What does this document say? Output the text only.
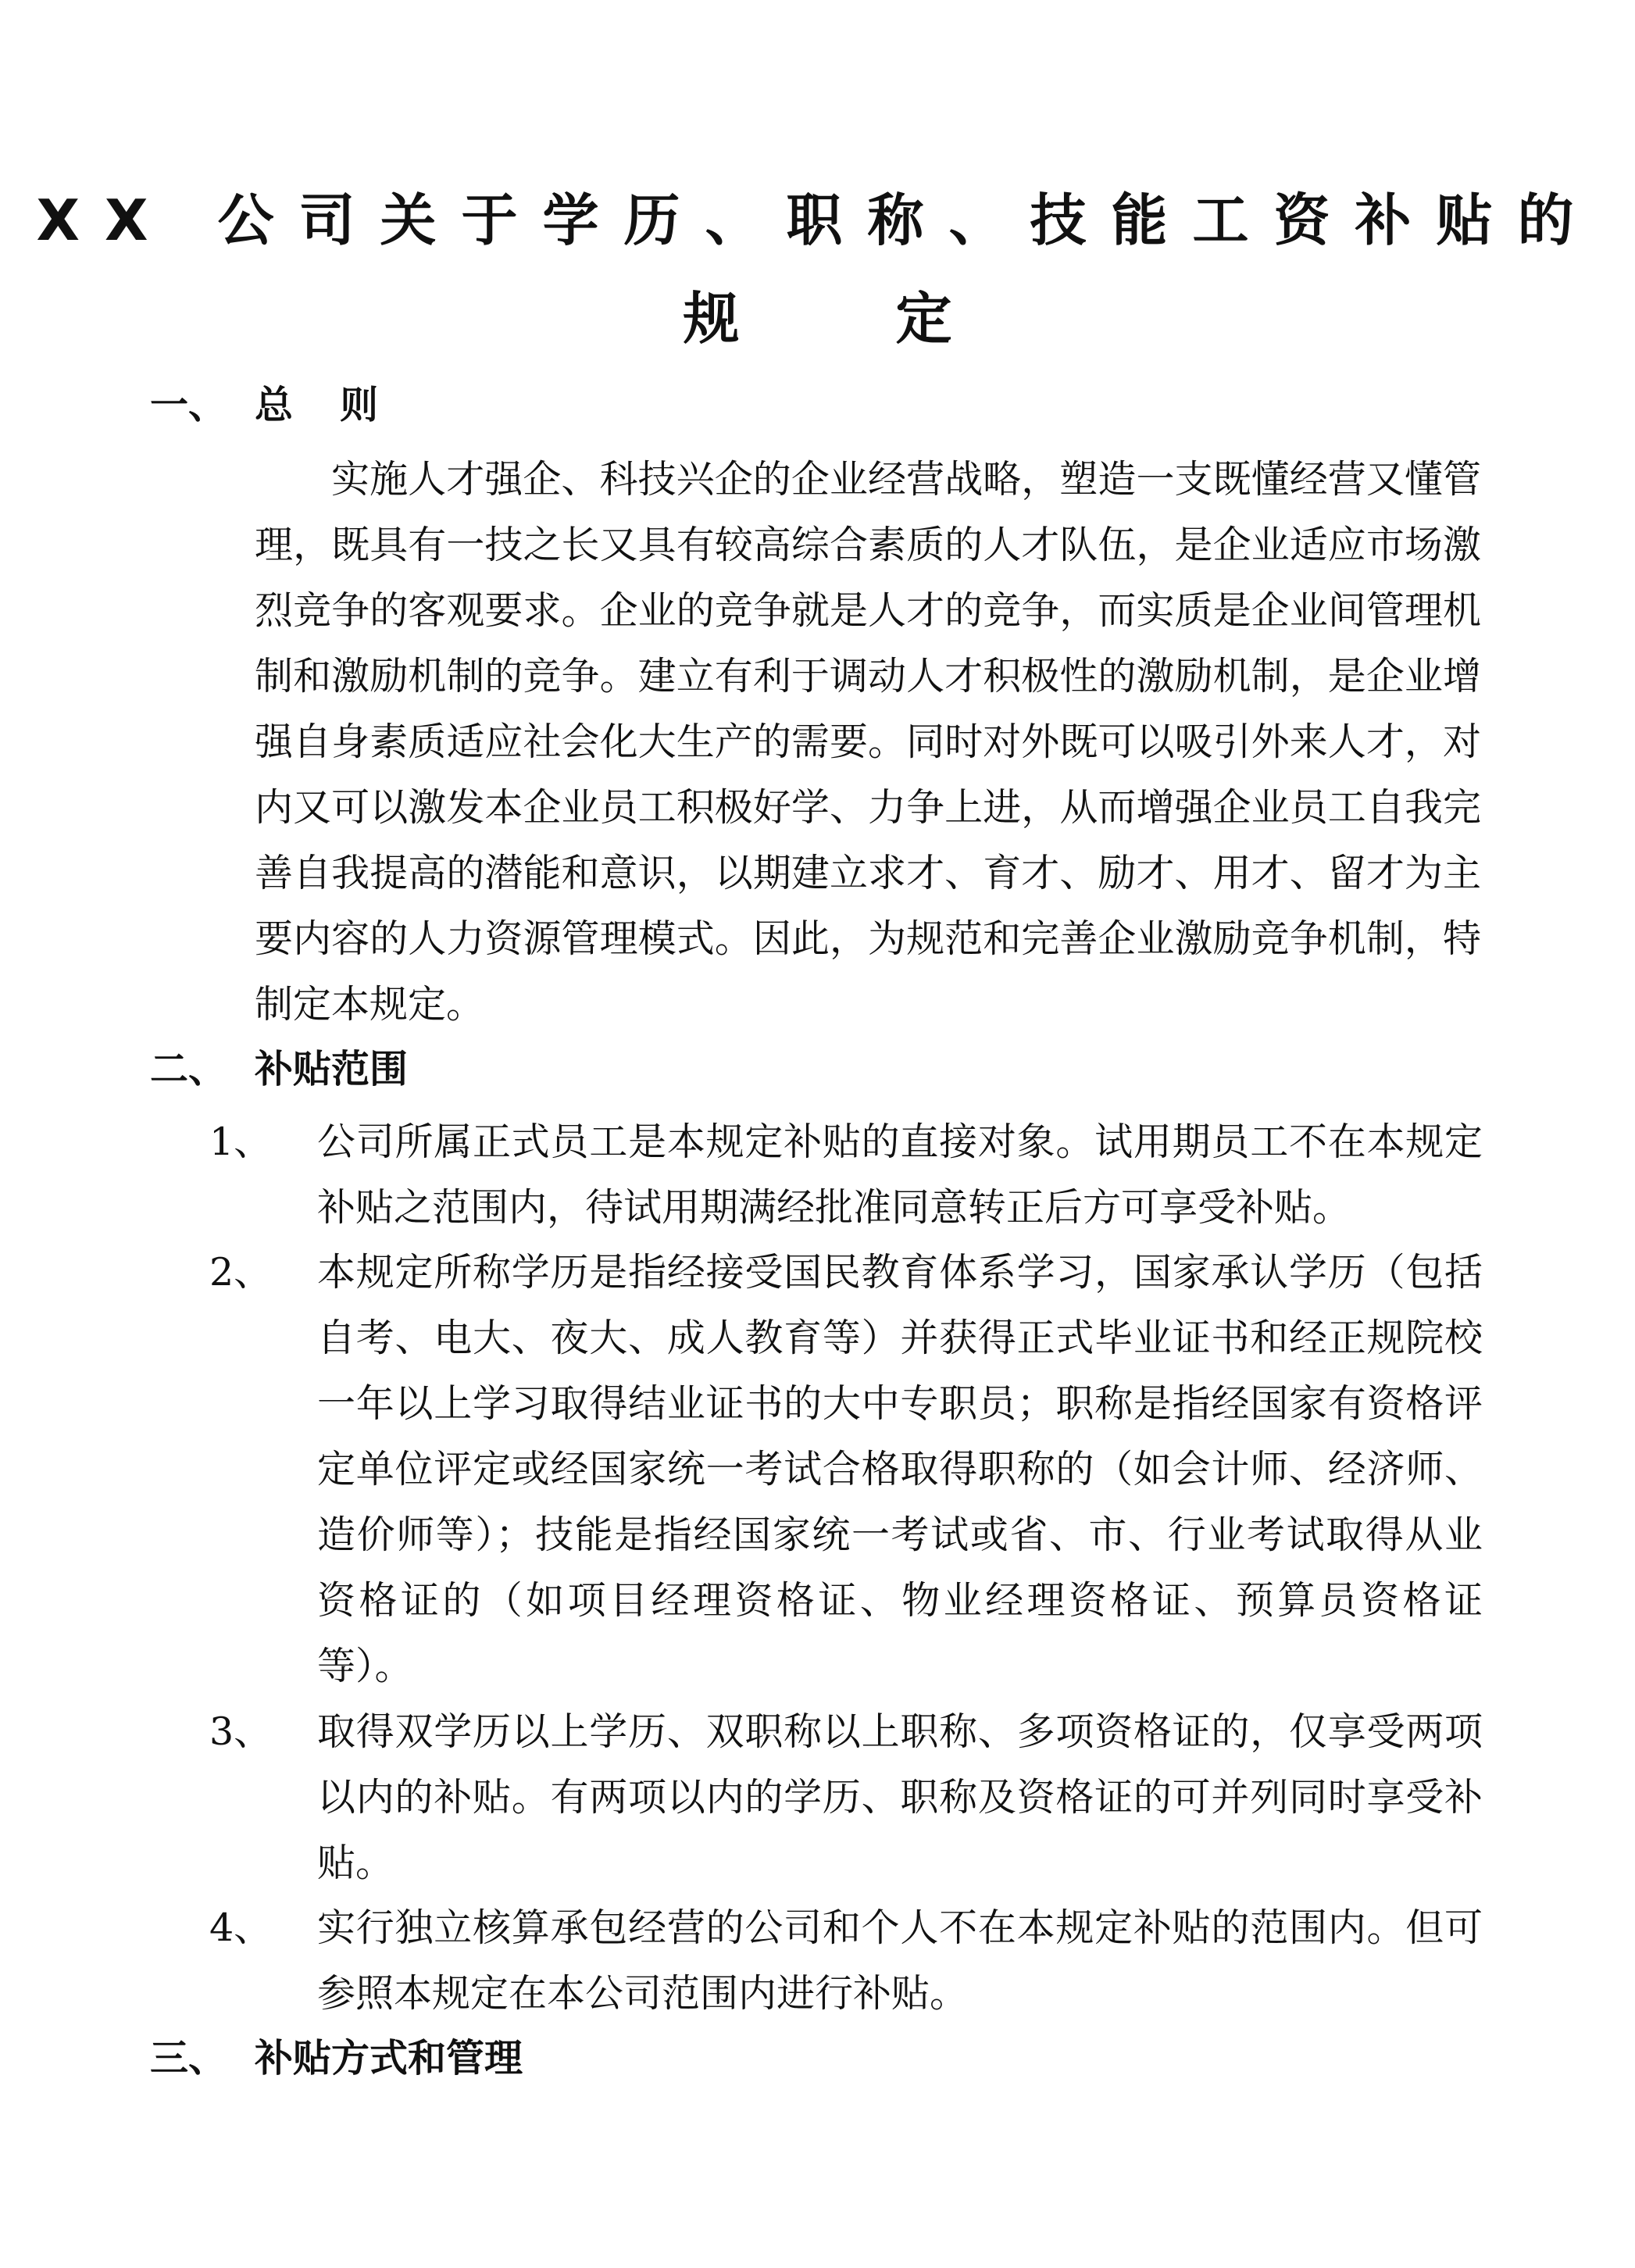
XX 公司关于学历、职称、技能工资补贴的
规	定
一、 总则
实施人才强企、科技兴企的企业经营战略，塑造一支既懂经营又懂管理，既具有一技之长又具有较高综合素质的人才队伍，是企业适应市场激烈竞争的客观要求。企业的竞争就是人才的竞争，而实质是企业间管理机制和激励机制的竞争。建立有利于调动人才积极性的激励机制，是企业增强自身素质适应社会化大生产的需要。同时对外既可以吸引外来人才，对内又可以激发本企业员工积极好学、力争上进，从而增强企业员工自我完善自我提高的潜能和意识，以期建立求才、育才、励才、用才、留才为主要内容的人力资源管理模式。因此，为规范和完善企业激励竞争机制，特制定本规定。
二、 补贴范围
1、 公司所属正式员工是本规定补贴的直接对象。试用期员工不在本规定补贴之范围内，待试用期满经批准同意转正后方可享受补贴。
2、 本规定所称学历是指经接受国民教育体系学习，国家承认学历（包括自考、电大、夜大、成人教育等）并获得正式毕业证书和经正规院校一年以上学习取得结业证书的大中专职员；职称是指经国家有资格评定单位评定或经国家统一考试合格取得职称的（如会计师、经济师、造价师等）；技能是指经国家统一考试或省、市、行业考试取得从业资格证的（如项目经理资格证、物业经理资格证、预算员资格证等）。
3、 取得双学历以上学历、双职称以上职称、多项资格证的，仅享受两项以内的补贴。有两项以内的学历、职称及资格证的可并列同时享受补贴。
4、 实行独立核算承包经营的公司和个人不在本规定补贴的范围内。但可参照本规定在本公司范围内进行补贴。
三、 补贴方式和管理
